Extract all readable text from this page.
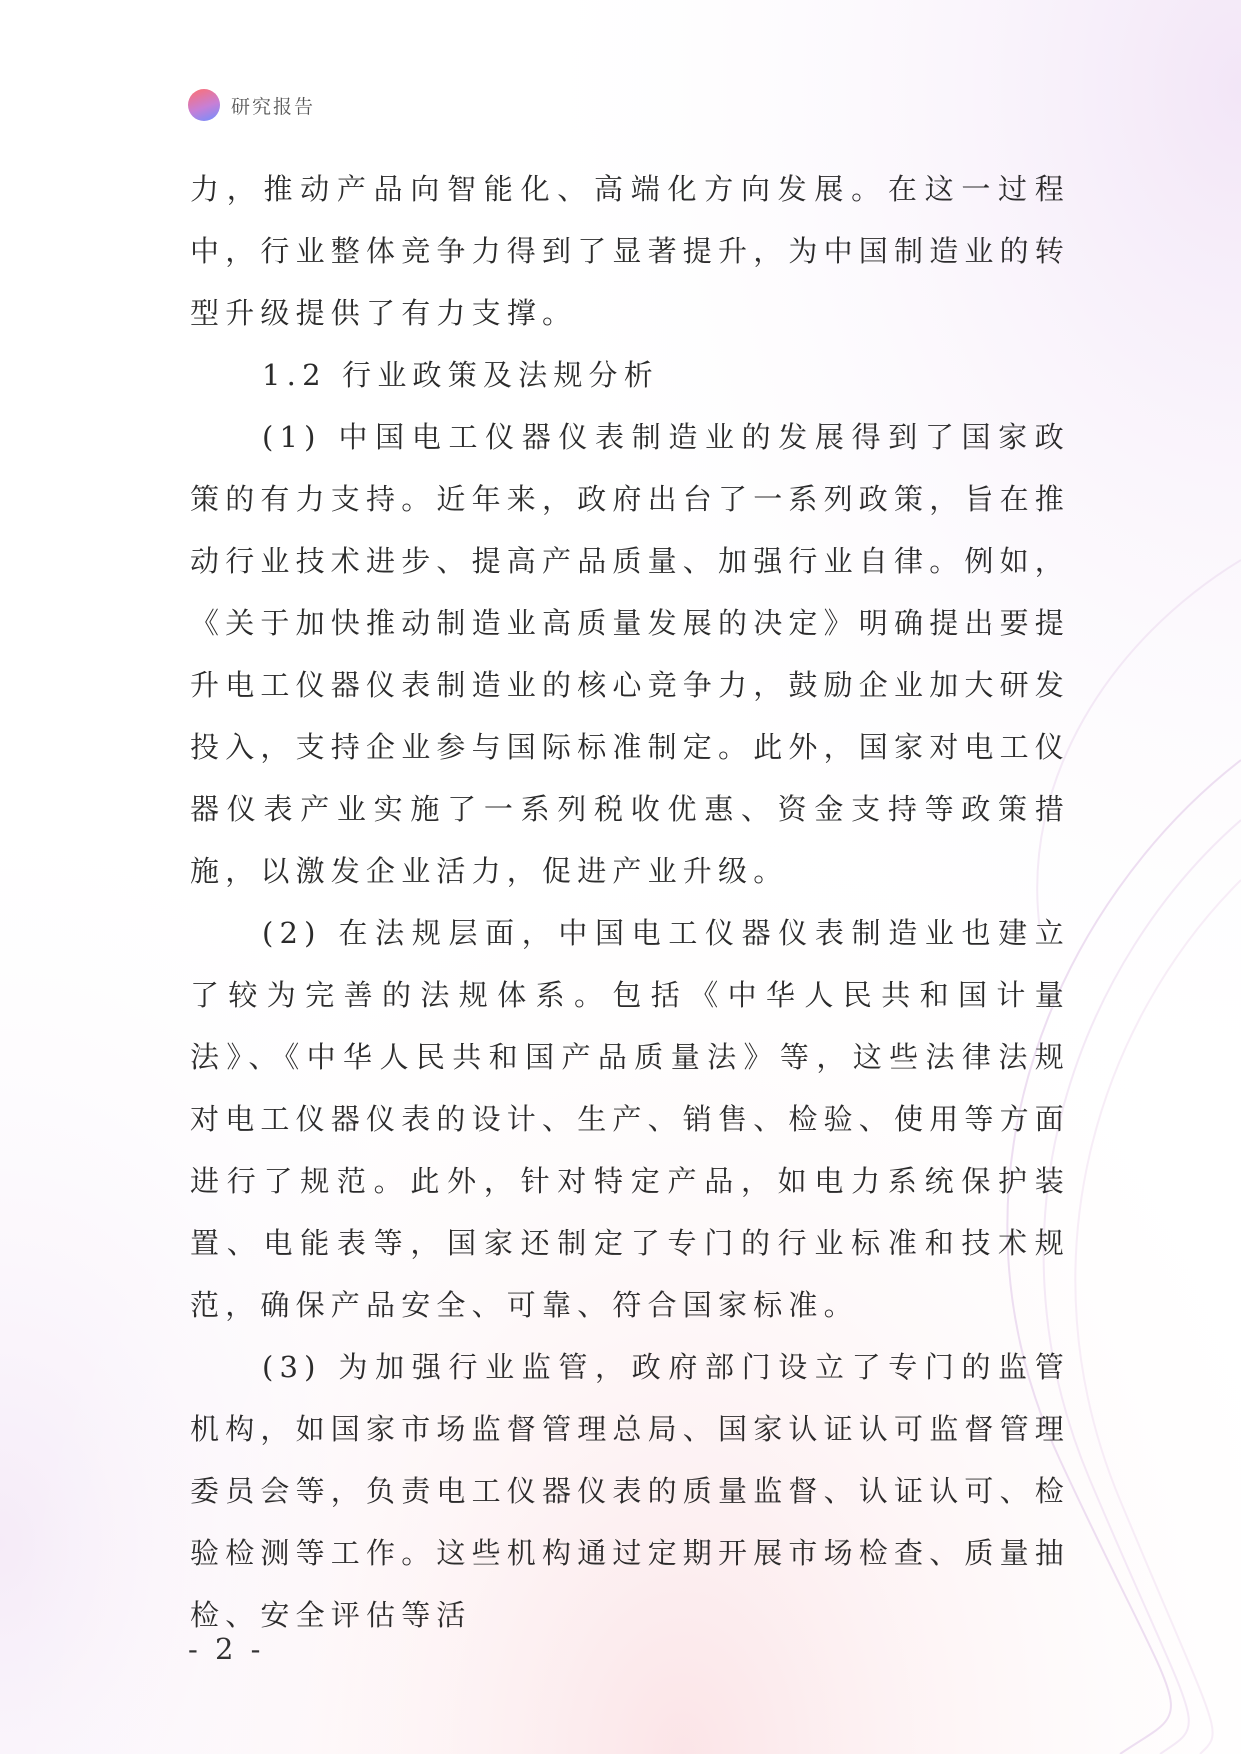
研究报告

力，推动产品向智能化、高端化方向发展。在这一过程中，行业整体竞争力得到了显著提升，为中国制造业的转型升级提供了有力支撑。

1.2 行业政策及法规分析

(1) 中国电工仪器仪表制造业的发展得到了国家政策的有力支持。近年来，政府出台了一系列政策，旨在推动行业技术进步、提高产品质量、加强行业自律。例如，《关于加快推动制造业高质量发展的决定》明确提出要提升电工仪器仪表制造业的核心竞争力，鼓励企业加大研发投入，支持企业参与国际标准制定。此外，国家对电工仪器仪表产业实施了一系列税收优惠、资金支持等政策措施，以激发企业活力，促进产业升级。

(2) 在法规层面，中国电工仪器仪表制造业也建立了较为完善的法规体系。包括《中华人民共和国计量法》、《中华人民共和国产品质量法》等，这些法律法规对电工仪器仪表的设计、生产、销售、检验、使用等方面进行了规范。此外，针对特定产品，如电力系统保护装置、电能表等，国家还制定了专门的行业标准和技术规范，确保产品安全、可靠、符合国家标准。

(3) 为加强行业监管，政府部门设立了专门的监管机构，如国家市场监督管理总局、国家认证认可监督管理委员会等，负责电工仪器仪表的质量监督、认证认可、检验检测等工作。这些机构通过定期开展市场检查、质量抽检、安全评估等活

- 2 -
